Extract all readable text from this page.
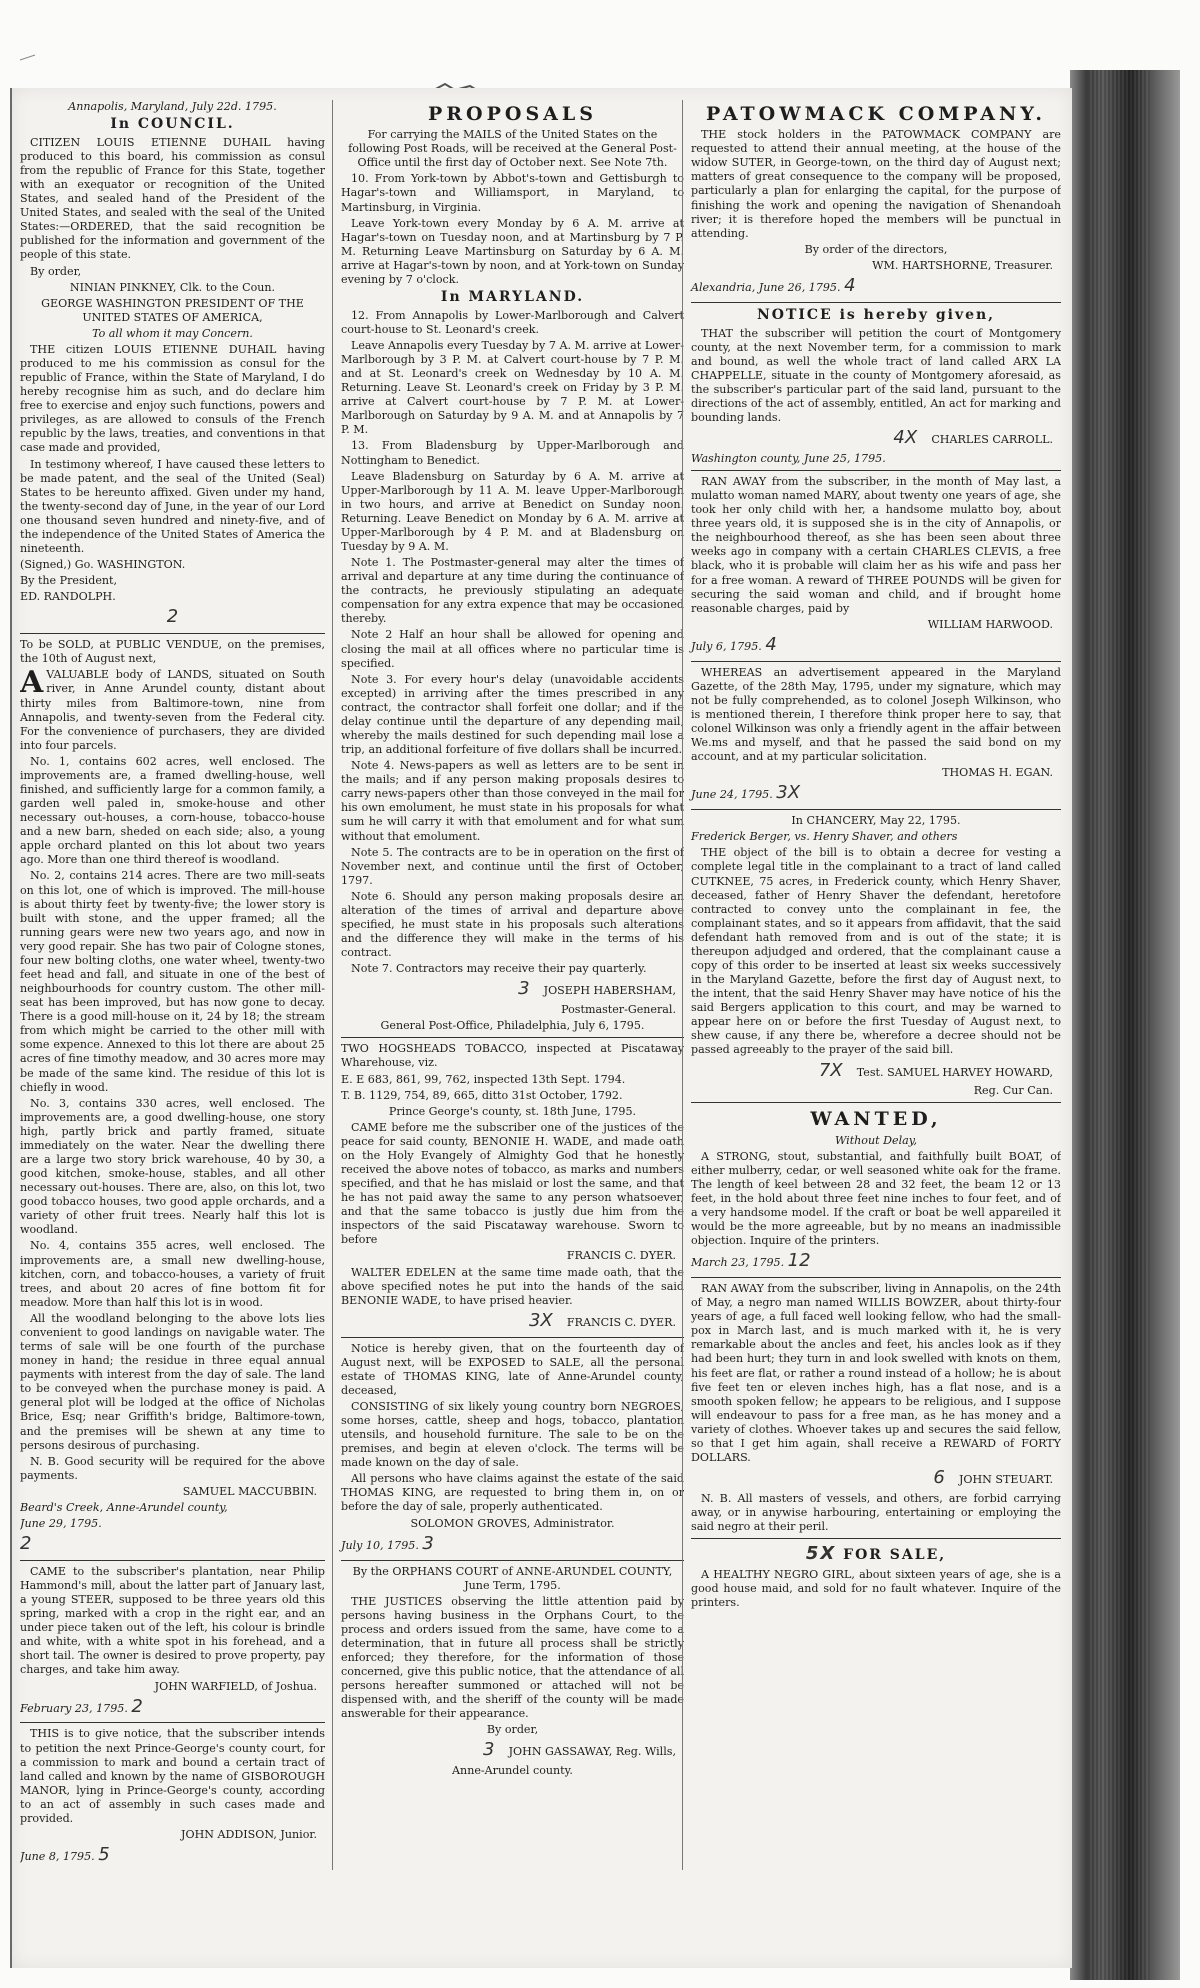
Annapolis, Maryland, July 22d. 1795.

In COUNCIL.

CITIZEN LOUIS ETIENNE DUHAIL having produced to this board, his commission as consul from the republic of France for this State, together with an exequator or recognition of the United States, and sealed hand of the President of the United States, and sealed with the seal of the United States:—ORDERED, that the said recognition be published for the information and government of the people of this state.

By order,

NINIAN PINKNEY, Clk. to the Coun.

GEORGE WASHINGTON PRESIDENT OF THE UNITED STATES OF AMERICA,

To all whom it may Concern.

THE citizen LOUIS ETIENNE DUHAIL having produced to me his commission as consul for the republic of France, within the State of Maryland, I do hereby recognise him as such, and do declare him free to exercise and enjoy such functions, powers and privileges, as are allowed to consuls of the French republic by the laws, treaties, and conventions in that case made and provided,

In testimony whereof, I have caused these letters to be made patent, and the seal of the United (Seal) States to be hereunto affixed. Given under my hand, the twenty-second day of June, in the year of our Lord one thousand seven hundred and ninety-five, and of the independence of the United States of America the nineteenth.

(Signed,) Go. WASHINGTON.

By the President,

ED. RANDOLPH.

2

To be SOLD, at PUBLIC VENDUE, on the premises, the 10th of August next,

AVALUABLE body of LANDS, situated on South river, in Anne Arundel county, distant about thirty miles from Baltimore-town, nine from Annapolis, and twenty-seven from the Federal city. For the convenience of purchasers, they are divided into four parcels.

No. 1, contains 602 acres, well enclosed. The improvements are, a framed dwelling-house, well finished, and sufficiently large for a common family, a garden well paled in, smoke-house and other necessary out-houses, a corn-house, tobacco-house and a new barn, sheded on each side; also, a young apple orchard planted on this lot about two years ago. More than one third thereof is woodland.

No. 2, contains 214 acres. There are two mill-seats on this lot, one of which is improved. The mill-house is about thirty feet by twenty-five; the lower story is built with stone, and the upper framed; all the running gears were new two years ago, and now in very good repair. She has two pair of Cologne stones, four new bolting cloths, one water wheel, twenty-two feet head and fall, and situate in one of the best of neighbourhoods for country custom. The other mill-seat has been improved, but has now gone to decay. There is a good mill-house on it, 24 by 18; the stream from which might be carried to the other mill with some expence. Annexed to this lot there are about 25 acres of fine timothy meadow, and 30 acres more may be made of the same kind. The residue of this lot is chiefly in wood.

No. 3, contains 330 acres, well enclosed. The improvements are, a good dwelling-house, one story high, partly brick and partly framed, situate immediately on the water. Near the dwelling there are a large two story brick warehouse, 40 by 30, a good kitchen, smoke-house, stables, and all other necessary out-houses. There are, also, on this lot, two good tobacco houses, two good apple orchards, and a variety of other fruit trees. Nearly half this lot is woodland.

No. 4, contains 355 acres, well enclosed. The improvements are, a small new dwelling-house, kitchen, corn, and tobacco-houses, a variety of fruit trees, and about 20 acres of fine bottom fit for meadow. More than half this lot is in wood.

All the woodland belonging to the above lots lies convenient to good landings on navigable water. The terms of sale will be one fourth of the purchase money in hand; the residue in three equal annual payments with interest from the day of sale. The land to be conveyed when the purchase money is paid. A general plot will be lodged at the office of Nicholas Brice, Esq; near Griffith's bridge, Baltimore-town, and the premises will be shewn at any time to persons desirous of purchasing.

N. B. Good security will be required for the above payments.

SAMUEL MACCUBBIN.

Beard's Creek, Anne-Arundel county,

June 29, 1795.

2

CAME to the subscriber's plantation, near Philip Hammond's mill, about the latter part of January last, a young STEER, supposed to be three years old this spring, marked with a crop in the right ear, and an under piece taken out of the left, his colour is brindle and white, with a white spot in his forehead, and a short tail. The owner is desired to prove property, pay charges, and take him away.

JOHN WARFIELD, of Joshua.

February 23, 1795. 2

THIS is to give notice, that the subscriber intends to petition the next Prince-George's county court, for a commission to mark and bound a certain tract of land called and known by the name of GISBOROUGH MANOR, lying in Prince-George's county, according to an act of assembly in such cases made and provided.

JOHN ADDISON, Junior.

June 8, 1795. 5

PROPOSALS

For carrying the MAILS of the United States on the following Post Roads, will be received at the General Post-Office until the first day of October next. See Note 7th.

10. From York-town by Abbot's-town and Gettisburgh to Hagar's-town and Williamsport, in Maryland, to Martinsburg, in Virginia.

Leave York-town every Monday by 6 A. M. arrive at Hagar's-town on Tuesday noon, and at Martinsburg by 7 P. M. Returning Leave Martinsburg on Saturday by 6 A. M. arrive at Hagar's-town by noon, and at York-town on Sunday evening by 7 o'clock.

In MARYLAND.

12. From Annapolis by Lower-Marlborough and Calvert court-house to St. Leonard's creek.

Leave Annapolis every Tuesday by 7 A. M. arrive at Lower-Marlborough by 3 P. M. at Calvert court-house by 7 P. M. and at St. Leonard's creek on Wednesday by 10 A. M. Returning. Leave St. Leonard's creek on Friday by 3 P. M. arrive at Calvert court-house by 7 P. M. at Lower-Marlborough on Saturday by 9 A. M. and at Annapolis by 7 P. M.

13. From Bladensburg by Upper-Marlborough and Nottingham to Benedict.

Leave Bladensburg on Saturday by 6 A. M. arrive at Upper-Marlborough by 11 A. M. leave Upper-Marlborough in two hours, and arrive at Benedict on Sunday noon. Returning. Leave Benedict on Monday by 6 A. M. arrive at Upper-Marlborough by 4 P. M. and at Bladensburg on Tuesday by 9 A. M.

Note 1. The Postmaster-general may alter the times of arrival and departure at any time during the continuance of the contracts, he previously stipulating an adequate compensation for any extra expence that may be occasioned thereby.

Note 2 Half an hour shall be allowed for opening and closing the mail at all offices where no particular time is specified.

Note 3. For every hour's delay (unavoidable accidents excepted) in arriving after the times prescribed in any contract, the contractor shall forfeit one dollar; and if the delay continue until the departure of any depending mail, whereby the mails destined for such depending mail lose a trip, an additional forfeiture of five dollars shall be incurred.

Note 4. News-papers as well as letters are to be sent in the mails; and if any person making proposals desires to carry news-papers other than those conveyed in the mail for his own emolument, he must state in his proposals for what sum he will carry it with that emolument and for what sum without that emolument.

Note 5. The contracts are to be in operation on the first of November next, and continue until the first of October, 1797.

Note 6. Should any person making proposals desire an alteration of the times of arrival and departure above specified, he must state in his proposals such alterations and the difference they will make in the terms of his contract.

Note 7. Contractors may receive their pay quarterly.

3 JOSEPH HABERSHAM,

Postmaster-General.

General Post-Office, Philadelphia, July 6, 1795.

TWO HOGSHEADS TOBACCO, inspected at Piscataway Wharehouse, viz.

E. E 683, 861, 99, 762, inspected 13th Sept. 1794.

T. B. 1129, 754, 89, 665, ditto 31st October, 1792.

Prince George's county, st. 18th June, 1795.

CAME before me the subscriber one of the justices of the peace for said county, BENONIE H. WADE, and made oath on the Holy Evangely of Almighty God that he honestly received the above notes of tobacco, as marks and numbers specified, and that he has mislaid or lost the same, and that he has not paid away the same to any person whatsoever, and that the same tobacco is justly due him from the inspectors of the said Piscataway warehouse. Sworn to before

FRANCIS C. DYER.

WALTER EDELEN at the same time made oath, that the above specified notes he put into the hands of the said BENONIE WADE, to have prised heavier.

3X FRANCIS C. DYER.

Notice is hereby given, that on the fourteenth day of August next, will be EXPOSED to SALE, all the personal estate of THOMAS KING, late of Anne-Arundel county, deceased,

CONSISTING of six likely young country born NEGROES, some horses, cattle, sheep and hogs, tobacco, plantation utensils, and household furniture. The sale to be on the premises, and begin at eleven o'clock. The terms will be made known on the day of sale.

All persons who have claims against the estate of the said THOMAS KING, are requested to bring them in, on or before the day of sale, properly authenticated.

SOLOMON GROVES, Administrator.

July 10, 1795. 3

By the ORPHANS COURT of ANNE-ARUNDEL COUNTY, June Term, 1795.

THE JUSTICES observing the little attention paid by persons having business in the Orphans Court, to the process and orders issued from the same, have come to a determination, that in future all process shall be strictly enforced; they therefore, for the information of those concerned, give this public notice, that the attendance of all persons hereafter summoned or attached will not be dispensed with, and the sheriff of the county will be made answerable for their appearance.

By order,

3 JOHN GASSAWAY, Reg. Wills,

Anne-Arundel county.

PATOWMACK COMPANY.

THE stock holders in the PATOWMACK COMPANY are requested to attend their annual meeting, at the house of the widow SUTER, in George-town, on the third day of August next; matters of great consequence to the company will be proposed, particularly a plan for enlarging the capital, for the purpose of finishing the work and opening the navigation of Shenandoah river; it is therefore hoped the members will be punctual in attending.

By order of the directors,

WM. HARTSHORNE, Treasurer.

Alexandria, June 26, 1795. 4

NOTICE is hereby given,

THAT the subscriber will petition the court of Montgomery county, at the next November term, for a commission to mark and bound, as well the whole tract of land called ARX LA CHAPPELLE, situate in the county of Montgomery aforesaid, as the subscriber's particular part of the said land, pursuant to the directions of the act of assembly, entitled, An act for marking and bounding lands.

4X CHARLES CARROLL.

Washington county, June 25, 1795.

RAN AWAY from the subscriber, in the month of May last, a mulatto woman named MARY, about twenty one years of age, she took her only child with her, a handsome mulatto boy, about three years old, it is supposed she is in the city of Annapolis, or the neighbourhood thereof, as she has been seen about three weeks ago in company with a certain CHARLES CLEVIS, a free black, who it is probable will claim her as his wife and pass her for a free woman. A reward of THREE POUNDS will be given for securing the said woman and child, and if brought home reasonable charges, paid by

WILLIAM HARWOOD.

July 6, 1795. 4

WHEREAS an advertisement appeared in the Maryland Gazette, of the 28th May, 1795, under my signature, which may not be fully comprehended, as to colonel Joseph Wilkinson, who is mentioned therein, I therefore think proper here to say, that colonel Wilkinson was only a friendly agent in the affair between We.ms and myself, and that he passed the said bond on my account, and at my particular solicitation.

THOMAS H. EGAN.

June 24, 1795. 3X

In CHANCERY, May 22, 1795.

Frederick Berger, vs. Henry Shaver, and others

THE object of the bill is to obtain a decree for vesting a complete legal title in the complainant to a tract of land called CUTKNEE, 75 acres, in Frederick county, which Henry Shaver, deceased, father of Henry Shaver the defendant, heretofore contracted to convey unto the complainant in fee, the complainant states, and so it appears from affidavit, that the said defendant hath removed from and is out of the state; it is thereupon adjudged and ordered, that the complainant cause a copy of this order to be inserted at least six weeks successively in the Maryland Gazette, before the first day of August next, to the intent, that the said Henry Shaver may have notice of his the said Bergers application to this court, and may be warned to appear here on or before the first Tuesday of August next, to shew cause, if any there be, wherefore a decree should not be passed agreeably to the prayer of the said bill.

7X Test. SAMUEL HARVEY HOWARD,

Reg. Cur Can.

WANTED,

Without Delay,

A STRONG, stout, substantial, and faithfully built BOAT, of either mulberry, cedar, or well seasoned white oak for the frame. The length of keel between 28 and 32 feet, the beam 12 or 13 feet, in the hold about three feet nine inches to four feet, and of a very handsome model. If the craft or boat be well appareiled it would be the more agreeable, but by no means an inadmissible objection. Inquire of the printers.

March 23, 1795. 12

RAN AWAY from the subscriber, living in Annapolis, on the 24th of May, a negro man named WILLIS BOWZER, about thirty-four years of age, a full faced well looking fellow, who had the small-pox in March last, and is much marked with it, he is very remarkable about the ancles and feet, his ancles look as if they had been hurt; they turn in and look swelled with knots on them, his feet are flat, or rather a round instead of a hollow; he is about five feet ten or eleven inches high, has a flat nose, and is a smooth spoken fellow; he appears to be religious, and I suppose will endeavour to pass for a free man, as he has money and a variety of clothes. Whoever takes up and secures the said fellow, so that I get him again, shall receive a REWARD of FORTY DOLLARS.

6 JOHN STEUART.

N. B. All masters of vessels, and others, are forbid carrying away, or in anywise harbouring, entertaining or employing the said negro at their peril.

5X FOR SALE,

A HEALTHY NEGRO GIRL, about sixteen years of age, she is a good house maid, and sold for no fault whatever. Inquire of the printers.
